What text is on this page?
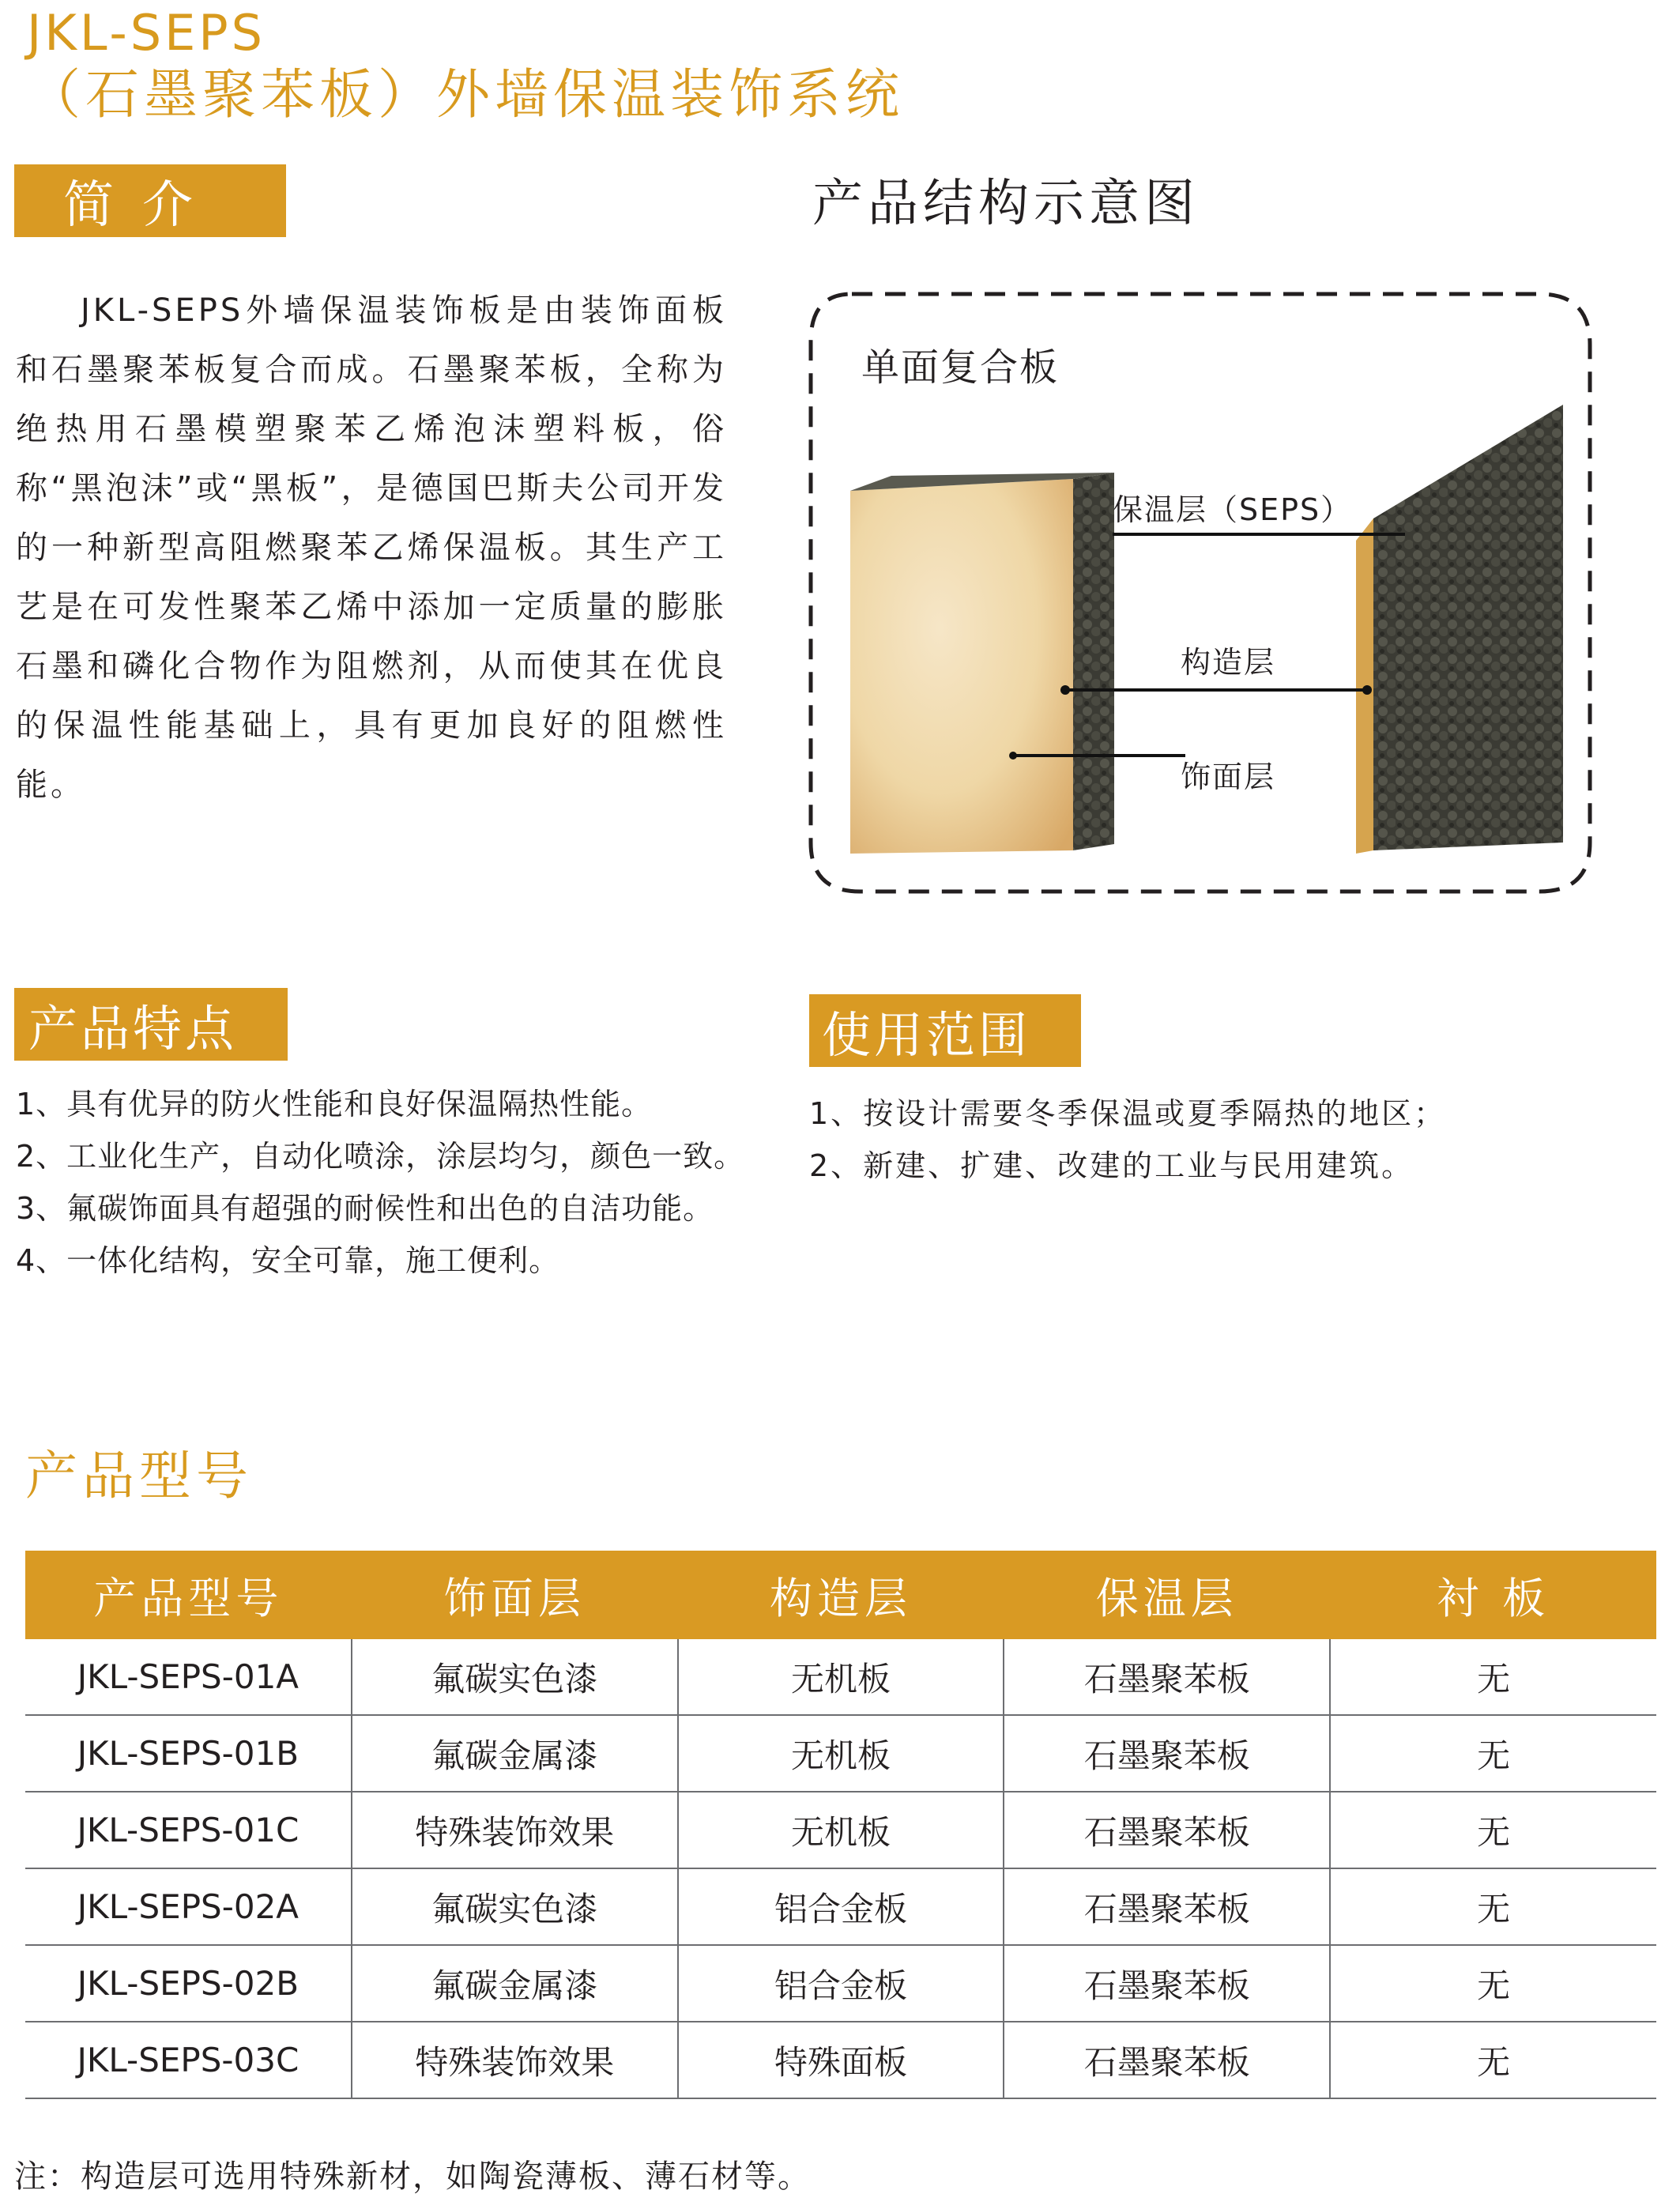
JKL-SEPS
（石墨聚苯板）外墙保温装饰系统
简介

JKL-SEPS外墙保温装饰板是由装饰面板和石墨聚苯板复合而成。石墨聚苯板，全称为绝热用石墨模塑聚苯乙烯泡沫塑料板，俗称“黑泡沫”或“黑板”，是德国巴斯夫公司开发的一种新型高阻燃聚苯乙烯保温板。其生产工艺是在可发性聚苯乙烯中添加一定质量的膨胀石墨和磷化合物作为阻燃剂，从而使其在优良的保温性能基础上，具有更加良好的阻燃性能。

产品结构示意图
单面复合板
保温层（SEPS）
构造层
饰面层
产品特点
1、具有优异的防火性能和良好保温隔热性能。
2、工业化生产，自动化喷涂，涂层均匀，颜色一致。
3、氟碳饰面具有超强的耐候性和出色的自洁功能。
4、一体化结构，安全可靠，施工便利。
使用范围
1、按设计需要冬季保温或夏季隔热的地区；
2、新建、扩建、改建的工业与民用建筑。
产品型号
产品型号	饰面层	构造层	保温层	衬 板
JKL-SEPS-01A	氟碳实色漆	无机板	石墨聚苯板	无
JKL-SEPS-01B	氟碳金属漆	无机板	石墨聚苯板	无
JKL-SEPS-01C	特殊装饰效果	无机板	石墨聚苯板	无
JKL-SEPS-02A	氟碳实色漆	铝合金板	石墨聚苯板	无
JKL-SEPS-02B	氟碳金属漆	铝合金板	石墨聚苯板	无
JKL-SEPS-03C	特殊装饰效果	特殊面板	石墨聚苯板	无
注：构造层可选用特殊新材，如陶瓷薄板、薄石材等。
